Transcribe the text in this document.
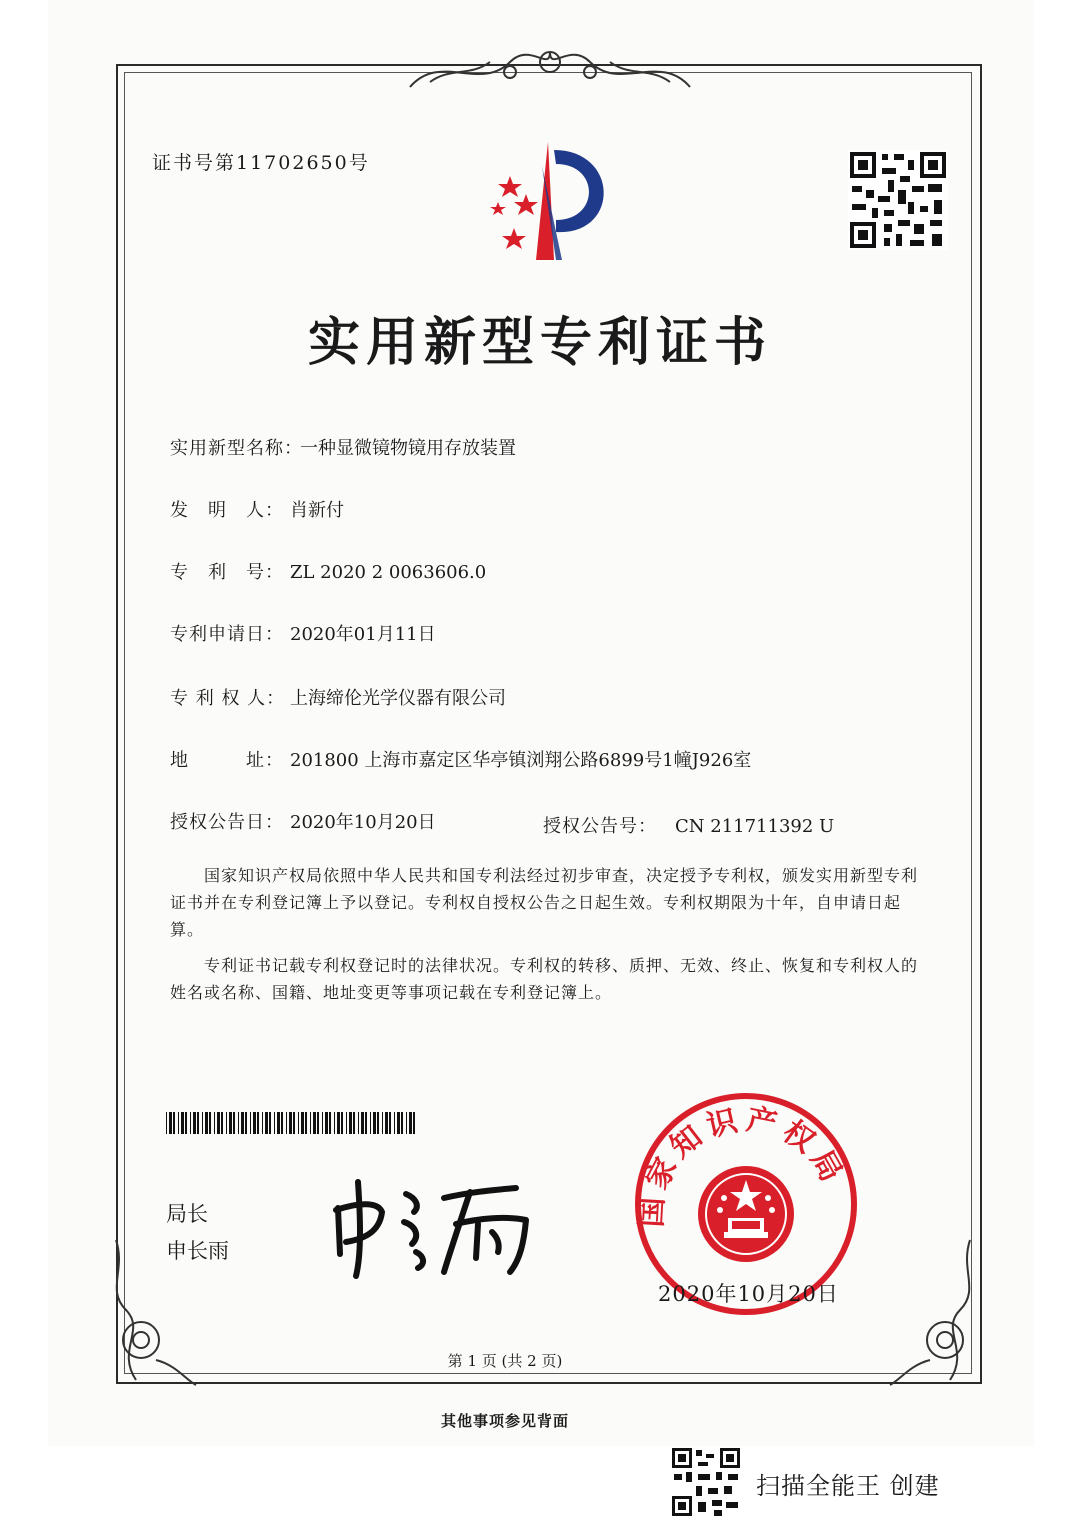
证书号第11702650号
实用新型专利证书
实用新型名称：一种显微镜物镜用存放装置
发　明　人： 肖新付
专　利　号： ZL 2020 2 0063606.0
专利申请日： 2020年01月11日
专 利 权 人： 上海缔伦光学仪器有限公司
地　　　址： 201800 上海市嘉定区华亭镇浏翔公路6899号1幢J926室
授权公告日： 2020年10月20日	授权公告号： CN 211711392 U
国家知识产权局依照中华人民共和国专利法经过初步审查，决定授予专利权，颁发实用新型专利证书并在专利登记簿上予以登记。专利权自授权公告之日起生效。专利权期限为十年，自申请日起算。
专利证书记载专利权登记时的法律状况。专利权的转移、质押、无效、终止、恢复和专利权人的姓名或名称、国籍、地址变更等事项记载在专利登记簿上。
局长
申长雨
国家知识产权局
2020年10月20日
第 1 页 (共 2 页)
其他事项参见背面
扫描全能王 创建
